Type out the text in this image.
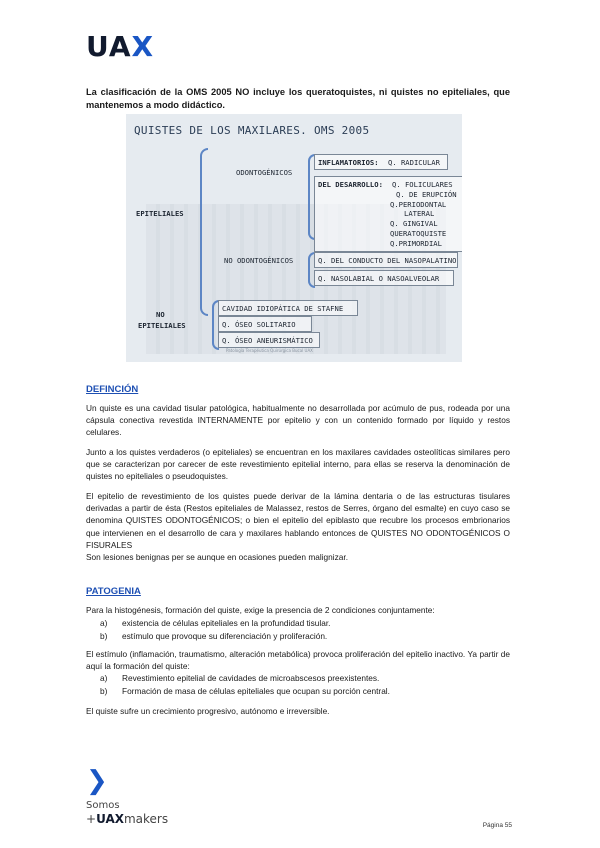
UAX
La clasificación de la OMS 2005 NO incluye los queratoquistes, ni quistes no epiteliales, que mantenemos a modo didáctico.
QUISTES DE LOS MAXILARES. OMS 2005
EPITELIALES
NO
EPITELIALES
ODONTOGÉNICOS
NO ODONTOGÉNICOS
INFLAMATORIOS: Q. RADICULAR
DEL DESARROLLO: Q. FOLICULARES
Q. DE ERUPCIÓN
Q.PERIODONTAL
LATERAL
Q. GINGIVAL
QUERATOQUISTE
Q.PRIMORDIAL
Q. DEL CONDUCTO DEL NASOPALATINO
Q. NASOLABIAL O NASOALVEOLAR
CAVIDAD IDIOPÁTICA DE STAFNE
Q. ÓSEO SOLITARIO
Q. ÓSEO ANEURISMÁTICO
Patología Terapéutica Quirúrgica Bucal UAX
DEFINCIÓN
Un quiste es una cavidad tisular patológica, habitualmente no desarrollada por acúmulo de pus, rodeada por una cápsula conectiva revestida INTERNAMENTE por epitelio y con un contenido formado por líquido y restos celulares.
Junto a los quistes verdaderos (o epiteliales) se encuentran en los maxilares cavidades osteolíticas similares pero que se caracterizan por carecer de este revestimiento epitelial interno, para ellas se reserva la denominación de quistes no epiteliales o pseudoquistes.
El epitelio de revestimiento de los quistes puede derivar de la lámina dentaria o de las estructuras tisulares derivadas a partir de ésta (Restos epiteliales de Malassez, restos de Serres, órgano del esmalte) en cuyo caso se denomina QUISTES ODONTOGÉNICOS; o bien el epitelio del epiblasto que recubre los procesos embrionarios que intervienen en el desarrollo de cara y maxilares hablando entonces de QUISTES NO ODONTOGÉNICOS O FISURALES
Son lesiones benignas per se aunque en ocasiones pueden malignizar.
PATOGENIA
Para la histogénesis, formación del quiste, exige la presencia de 2 condiciones conjuntamente:
a)	existencia de células epiteliales en la profundidad tisular.
b)	estímulo que provoque su diferenciación y proliferación.
El estímulo (inflamación, traumatismo, alteración metabólica) provoca proliferación del epitelio inactivo. Ya partir de aquí la formación del quiste:
a)	Revestimiento epitelial de cavidades de microabscesos preexistentes.
b)	Formación de masa de células epiteliales que ocupan su porción central.
El quiste sufre un crecimiento progresivo, autónomo e irreversible.
❯
Somos
+UAXmakers	Página 55
